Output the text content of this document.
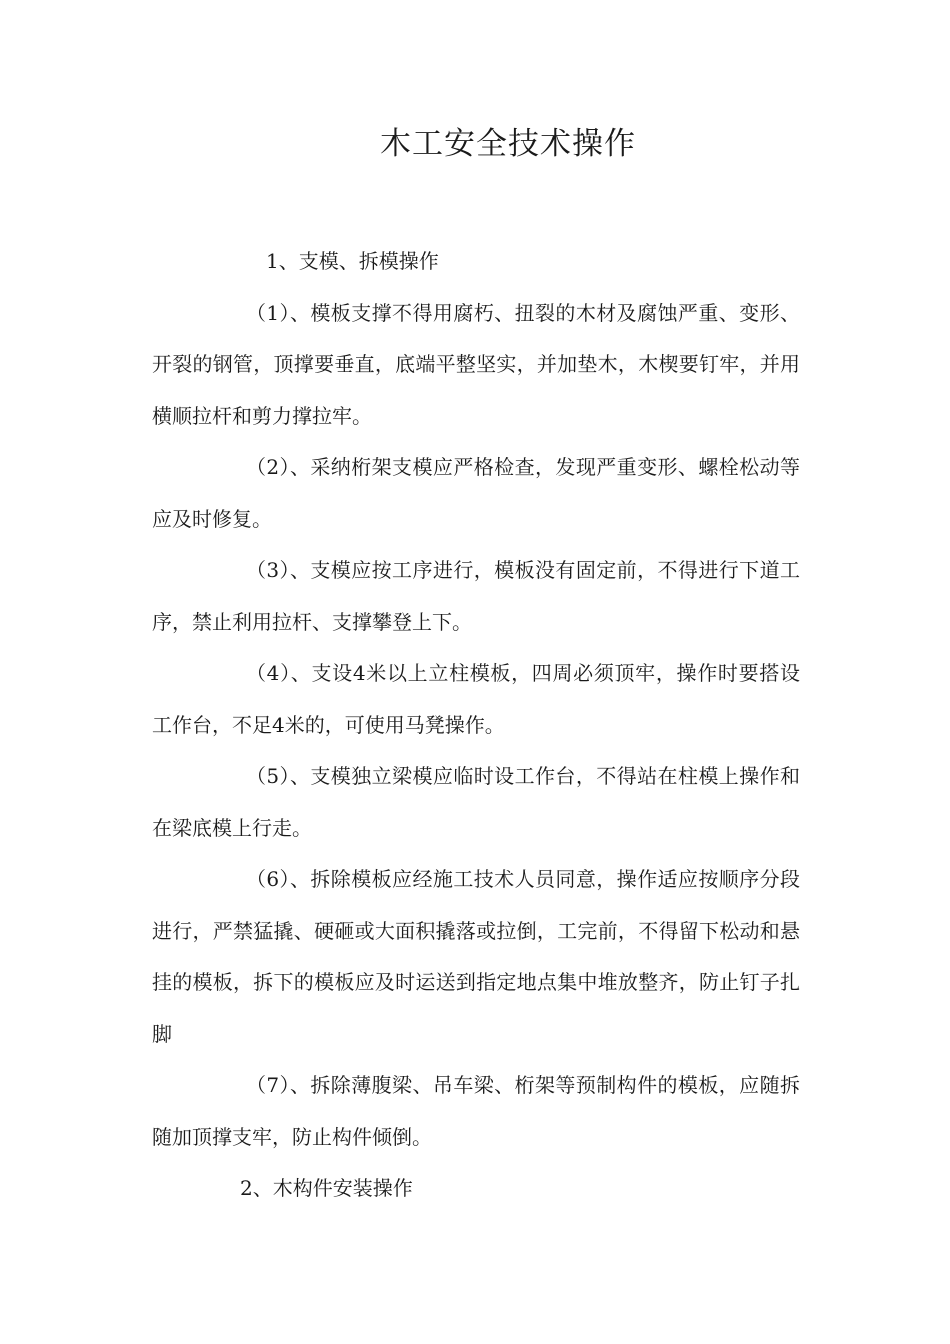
木工安全技术操作

1、支模、拆模操作

（1）、模板支撑不得用腐朽、扭裂的木材及腐蚀严重、变形、开裂的钢管，顶撑要垂直，底端平整坚实，并加垫木，木楔要钉牢，并用横顺拉杆和剪力撑拉牢。

（2）、采纳桁架支模应严格检查，发现严重变形、螺栓松动等应及时修复。

（3）、支模应按工序进行，模板没有固定前，不得进行下道工序，禁止利用拉杆、支撑攀登上下。

（4）、支设4米以上立柱模板，四周必须顶牢，操作时要搭设工作台，不足4米的，可使用马凳操作。

（5）、支模独立梁模应临时设工作台，不得站在柱模上操作和在梁底模上行走。

（6）、拆除模板应经施工技术人员同意，操作适应按顺序分段进行，严禁猛撬、硬砸或大面积撬落或拉倒，工完前，不得留下松动和悬挂的模板，拆下的模板应及时运送到指定地点集中堆放整齐，防止钉子扎脚

（7）、拆除薄腹梁、吊车梁、桁架等预制构件的模板，应随拆随加顶撑支牢，防止构件倾倒。

2、木构件安装操作
